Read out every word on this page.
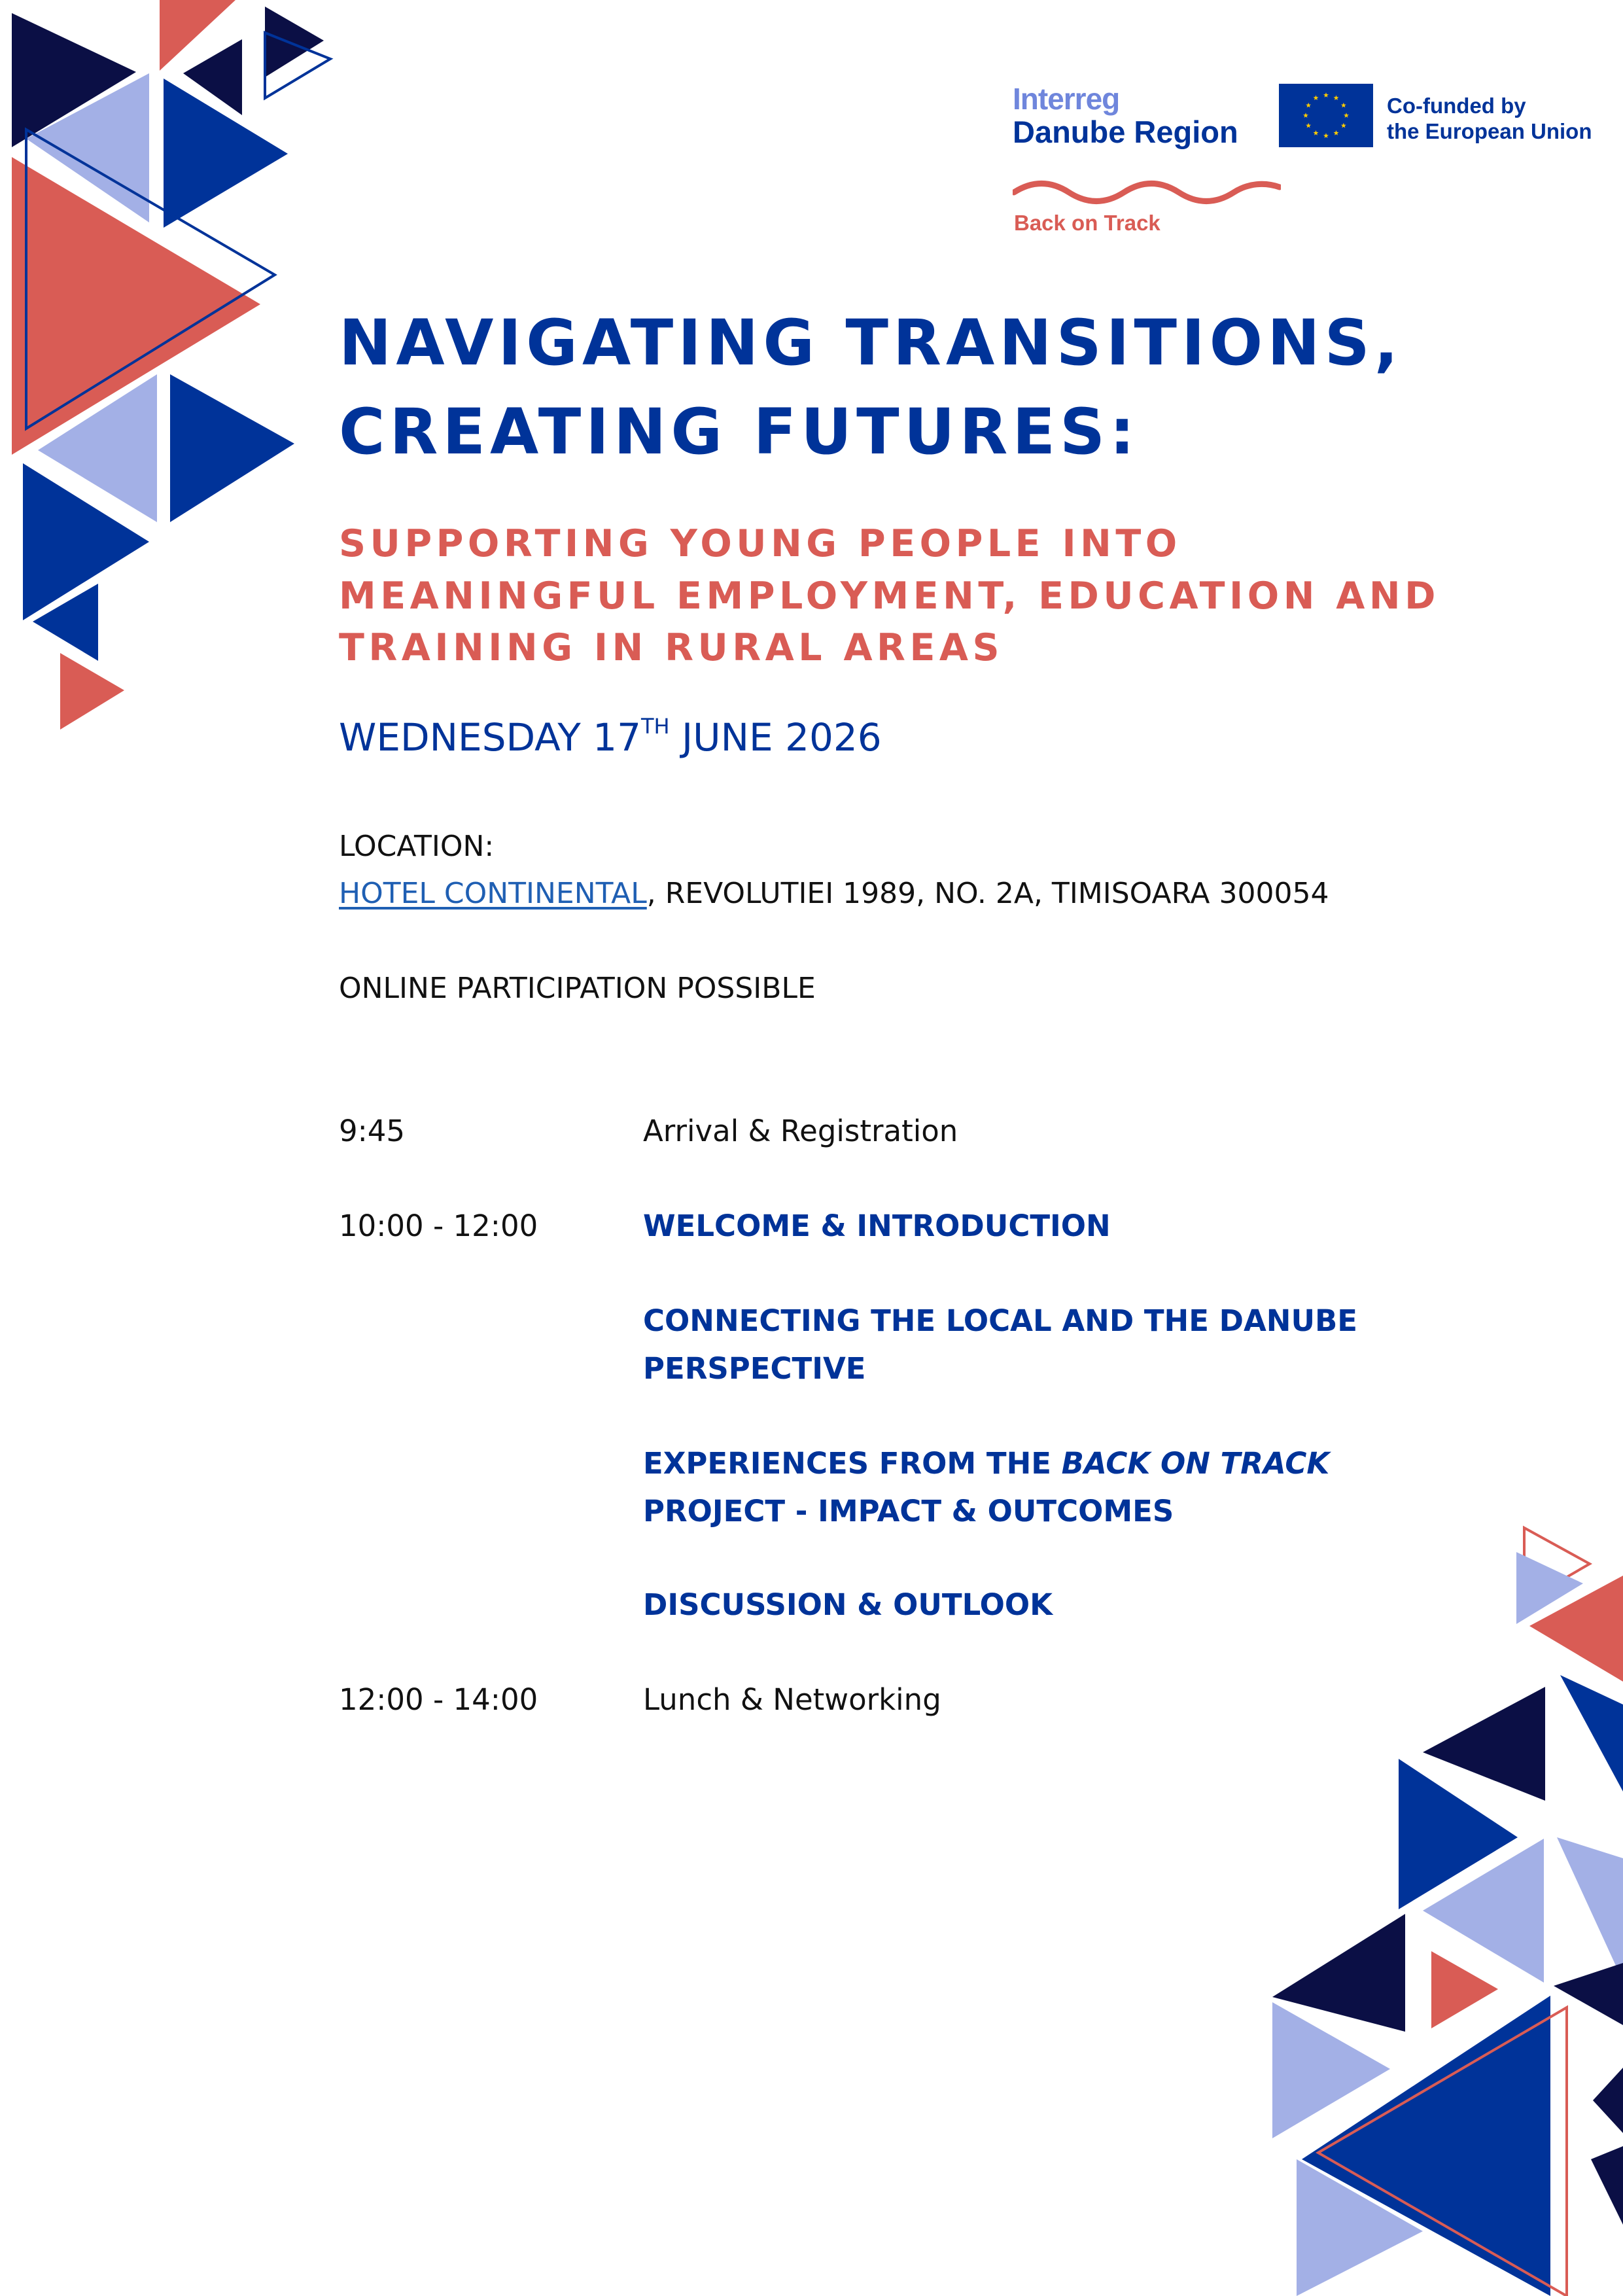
Interreg
Danube Region
Co-funded by
the European Union
Back on Track
NAVIGATING TRANSITIONS,
CREATING FUTURES:
SUPPORTING YOUNG PEOPLE INTO
MEANINGFUL EMPLOYMENT, EDUCATION AND
TRAINING IN RURAL AREAS
WEDNESDAY 17TH JUNE 2026
LOCATION:
HOTEL CONTINENTAL, REVOLUTIEI 1989, NO. 2A, TIMISOARA 300054
ONLINE PARTICIPATION POSSIBLE
9:45	Arrival & Registration
10:00 - 12:00	WELCOME & INTRODUCTION
CONNECTING THE LOCAL AND THE DANUBE PERSPECTIVE
EXPERIENCES FROM THE BACK ON TRACK PROJECT - IMPACT & OUTCOMES
DISCUSSION & OUTLOOK
12:00 - 14:00	Lunch & Networking
